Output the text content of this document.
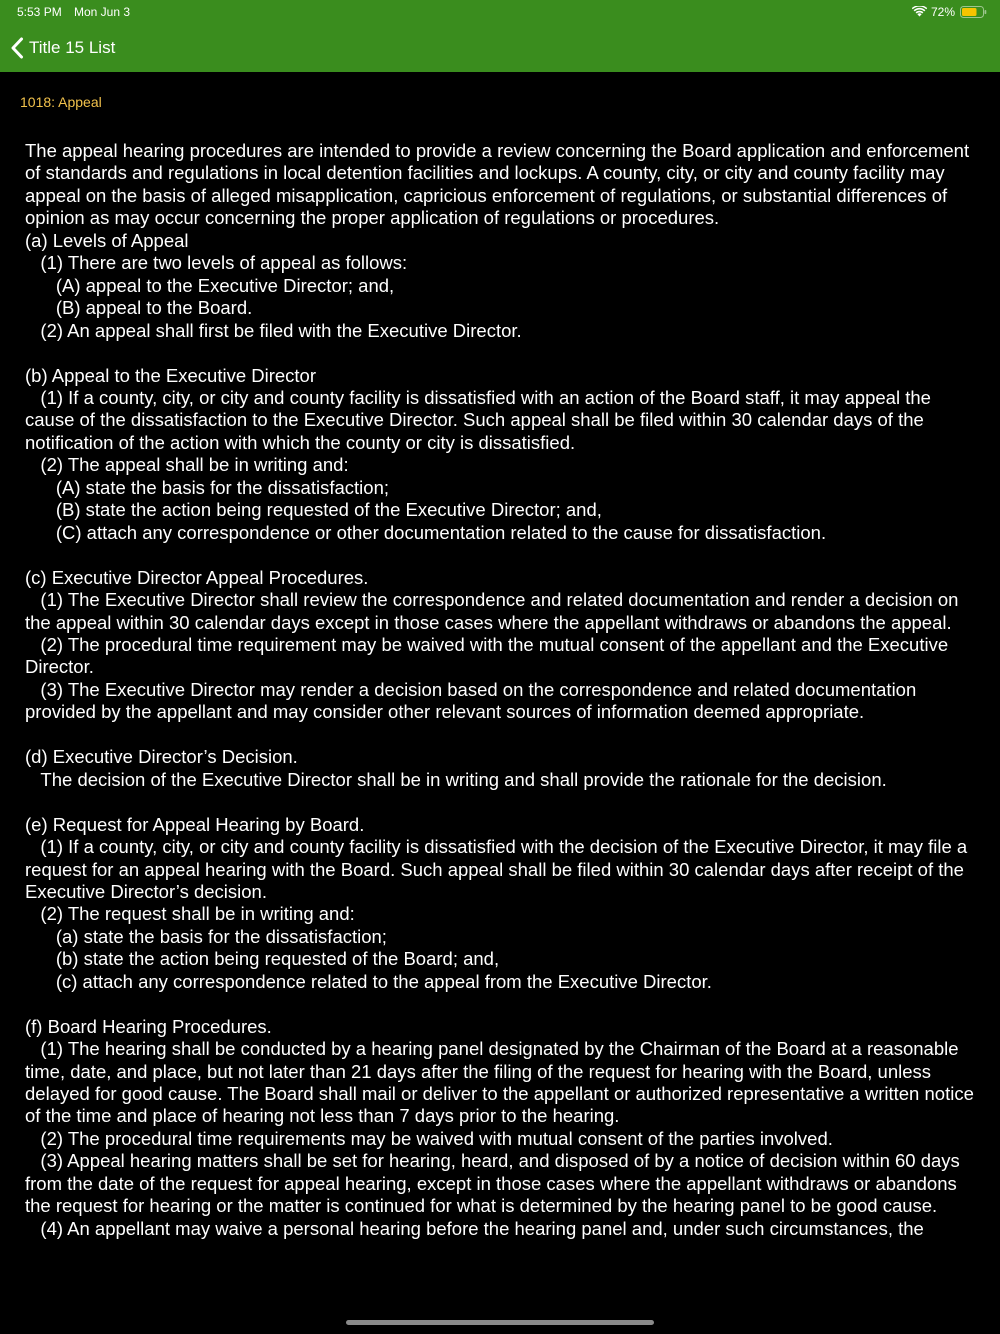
5:53 PM Mon Jun 3	72%
Title 15 List
1018: Appeal
The appeal hearing procedures are intended to provide a review concerning the Board application and enforcement of standards and regulations in local detention facilities and lockups. A county, city, or city and county facility may appeal on the basis of alleged misapplication, capricious enforcement of regulations, or substantial differences of opinion as may occur concerning the proper application of regulations or procedures.
(a) Levels of Appeal
(1) There are two levels of appeal as follows:
(A) appeal to the Executive Director; and,
(B) appeal to the Board.
(2) An appeal shall first be filed with the Executive Director.

(b) Appeal to the Executive Director
(1) If a county, city, or city and county facility is dissatisfied with an action of the Board staff, it may appeal the cause of the dissatisfaction to the Executive Director. Such appeal shall be filed within 30 calendar days of the notification of the action with which the county or city is dissatisfied.
(2) The appeal shall be in writing and:
(A) state the basis for the dissatisfaction;
(B) state the action being requested of the Executive Director; and,
(C) attach any correspondence or other documentation related to the cause for dissatisfaction.

(c) Executive Director Appeal Procedures.
(1) The Executive Director shall review the correspondence and related documentation and render a decision on the appeal within 30 calendar days except in those cases where the appellant withdraws or abandons the appeal.
(2) The procedural time requirement may be waived with the mutual consent of the appellant and the Executive Director.
(3) The Executive Director may render a decision based on the correspondence and related documentation provided by the appellant and may consider other relevant sources of information deemed appropriate.

(d) Executive Director’s Decision.
The decision of the Executive Director shall be in writing and shall provide the rationale for the decision.

(e) Request for Appeal Hearing by Board.
(1) If a county, city, or city and county facility is dissatisfied with the decision of the Executive Director, it may file a request for an appeal hearing with the Board. Such appeal shall be filed within 30 calendar days after receipt of the Executive Director’s decision.
(2) The request shall be in writing and:
(a) state the basis for the dissatisfaction;
(b) state the action being requested of the Board; and,
(c) attach any correspondence related to the appeal from the Executive Director.

(f) Board Hearing Procedures.
(1) The hearing shall be conducted by a hearing panel designated by the Chairman of the Board at a reasonable time, date, and place, but not later than 21 days after the filing of the request for hearing with the Board, unless delayed for good cause. The Board shall mail or deliver to the appellant or authorized representative a written notice of the time and place of hearing not less than 7 days prior to the hearing.
(2) The procedural time requirements may be waived with mutual consent of the parties involved.
(3) Appeal hearing matters shall be set for hearing, heard, and disposed of by a notice of decision within 60 days from the date of the request for appeal hearing, except in those cases where the appellant withdraws or abandons the request for hearing or the matter is continued for what is determined by the hearing panel to be good cause.
(4) An appellant may waive a personal hearing before the hearing panel and, under such circumstances, the
